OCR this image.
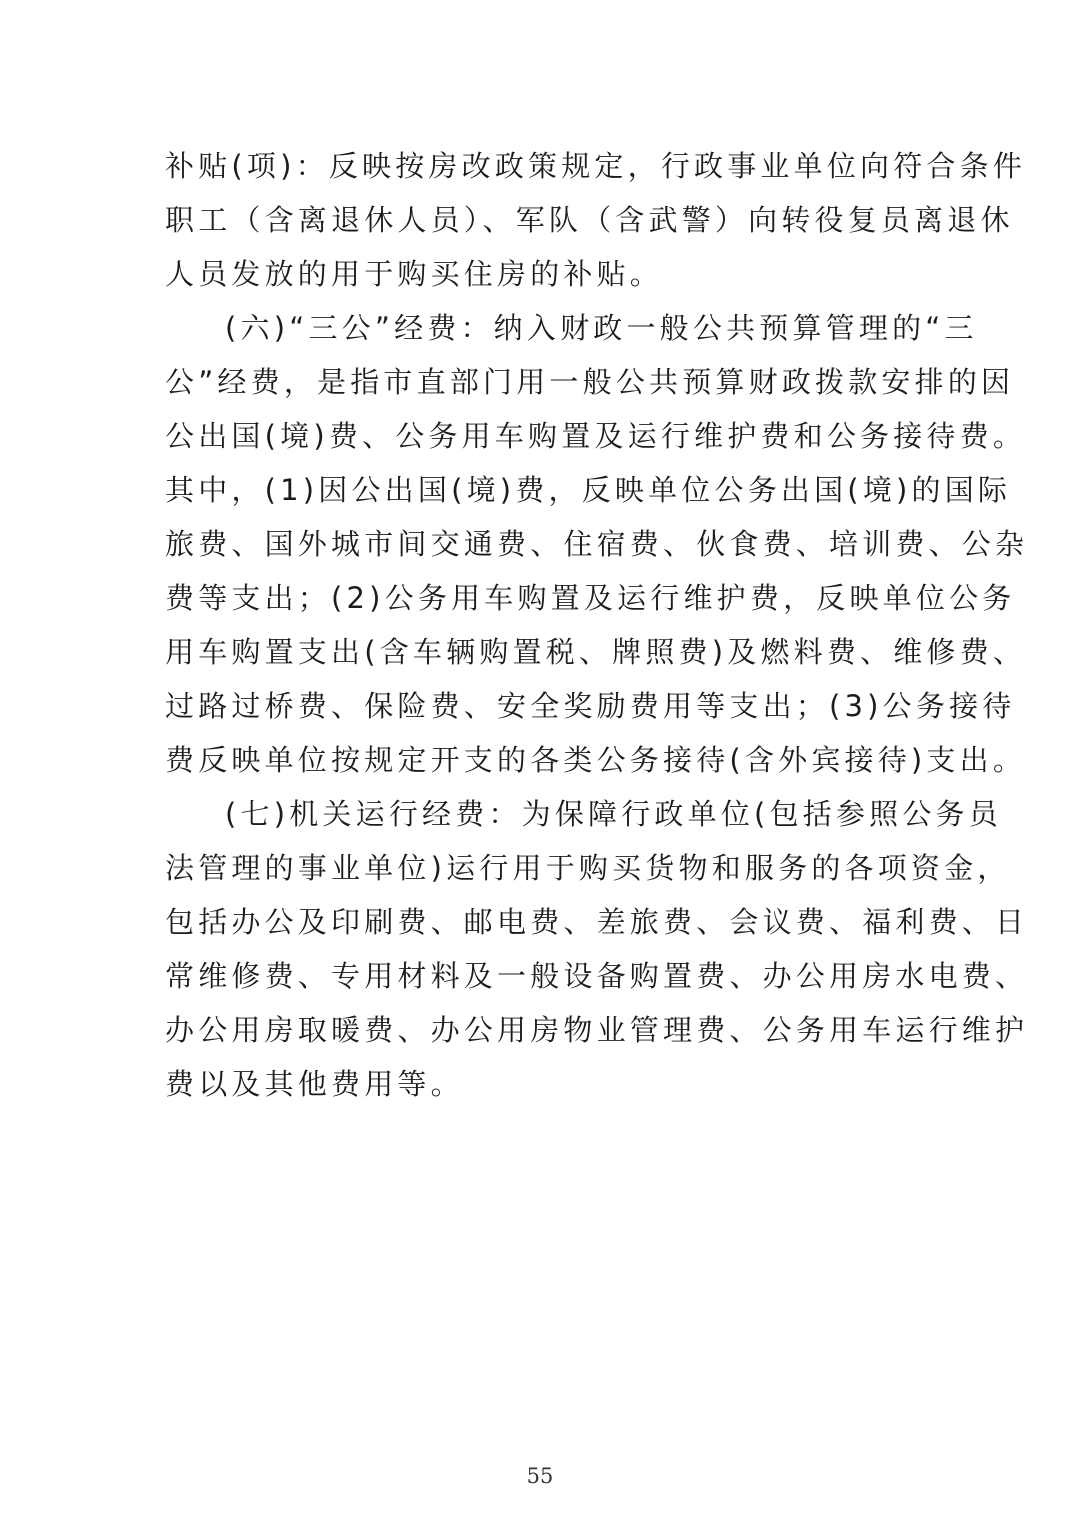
补贴(项)：反映按房改政策规定，行政事业单位向符合条件
职工（含离退休人员）、军队（含武警）向转役复员离退休
人员发放的用于购买住房的补贴。
(六)“三公”经费：纳入财政一般公共预算管理的“三
公”经费，是指市直部门用一般公共预算财政拨款安排的因
公出国(境)费、公务用车购置及运行维护费和公务接待费。
其中，(1)因公出国(境)费，反映单位公务出国(境)的国际
旅费、国外城市间交通费、住宿费、伙食费、培训费、公杂
费等支出；(2)公务用车购置及运行维护费，反映单位公务
用车购置支出(含车辆购置税、牌照费)及燃料费、维修费、
过路过桥费、保险费、安全奖励费用等支出；(3)公务接待
费反映单位按规定开支的各类公务接待(含外宾接待)支出。
(七)机关运行经费：为保障行政单位(包括参照公务员
法管理的事业单位)运行用于购买货物和服务的各项资金，
包括办公及印刷费、邮电费、差旅费、会议费、福利费、日
常维修费、专用材料及一般设备购置费、办公用房水电费、
办公用房取暖费、办公用房物业管理费、公务用车运行维护
费以及其他费用等。
55
